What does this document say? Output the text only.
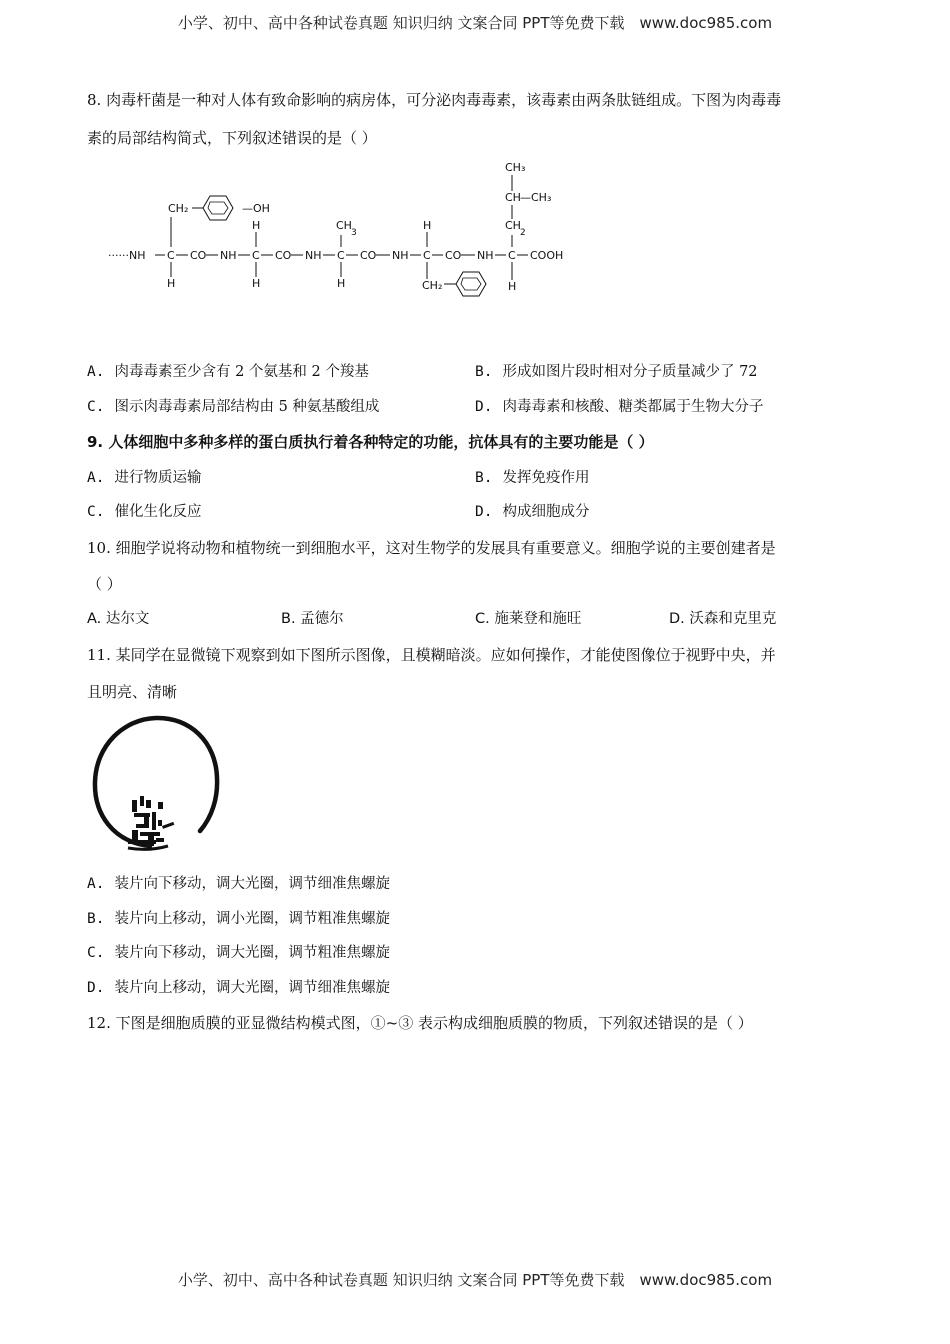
小学、初中、高中各种试卷真题 知识归纳 文案合同 PPT等免费下载　www.doc985.com
8. 肉毒杆菌是一种对人体有致命影响的病房体，可分泌肉毒毒素，该毒素由两条肽链组成。下图为肉毒毒
素的局部结构简式，下列叙述错误的是（ ）
······NH C CO NH C CO NH C CO NH C CO NH C COOH
H	H	H	H
H	CH
3
H	CH
2
CH —CH₃
CH₃
CH₂
CH₂	—OH
A. 肉毒毒素至少含有 2 个氨基和 2 个羧基	B. 形成如图片段时相对分子质量减少了 72
C. 图示肉毒毒素局部结构由 5 种氨基酸组成	D. 肉毒毒素和核酸、糖类都属于生物大分子
9. 人体细胞中多种多样的蛋白质执行着各种特定的功能，抗体具有的主要功能是（ ）
A. 进行物质运输	B. 发挥免疫作用
C. 催化生化反应	D. 构成细胞成分
10. 细胞学说将动物和植物统一到细胞水平，这对生物学的发展具有重要意义。细胞学说的主要创建者是
（ ）
A. 达尔文	B. 孟德尔	C. 施莱登和施旺	D. 沃森和克里克
11. 某同学在显微镜下观察到如下图所示图像，且模糊暗淡。应如何操作，才能使图像位于视野中央，并
且明亮、清晰
A. 装片向下移动，调大光圈，调节细准焦螺旋
B. 装片向上移动，调小光圈，调节粗准焦螺旋
C. 装片向下移动，调大光圈，调节粗准焦螺旋
D. 装片向上移动，调大光圈，调节细准焦螺旋
12. 下图是细胞质膜的亚显微结构模式图，①~③ 表示构成细胞质膜的物质，下列叙述错误的是（ ）
小学、初中、高中各种试卷真题 知识归纳 文案合同 PPT等免费下载　www.doc985.com
